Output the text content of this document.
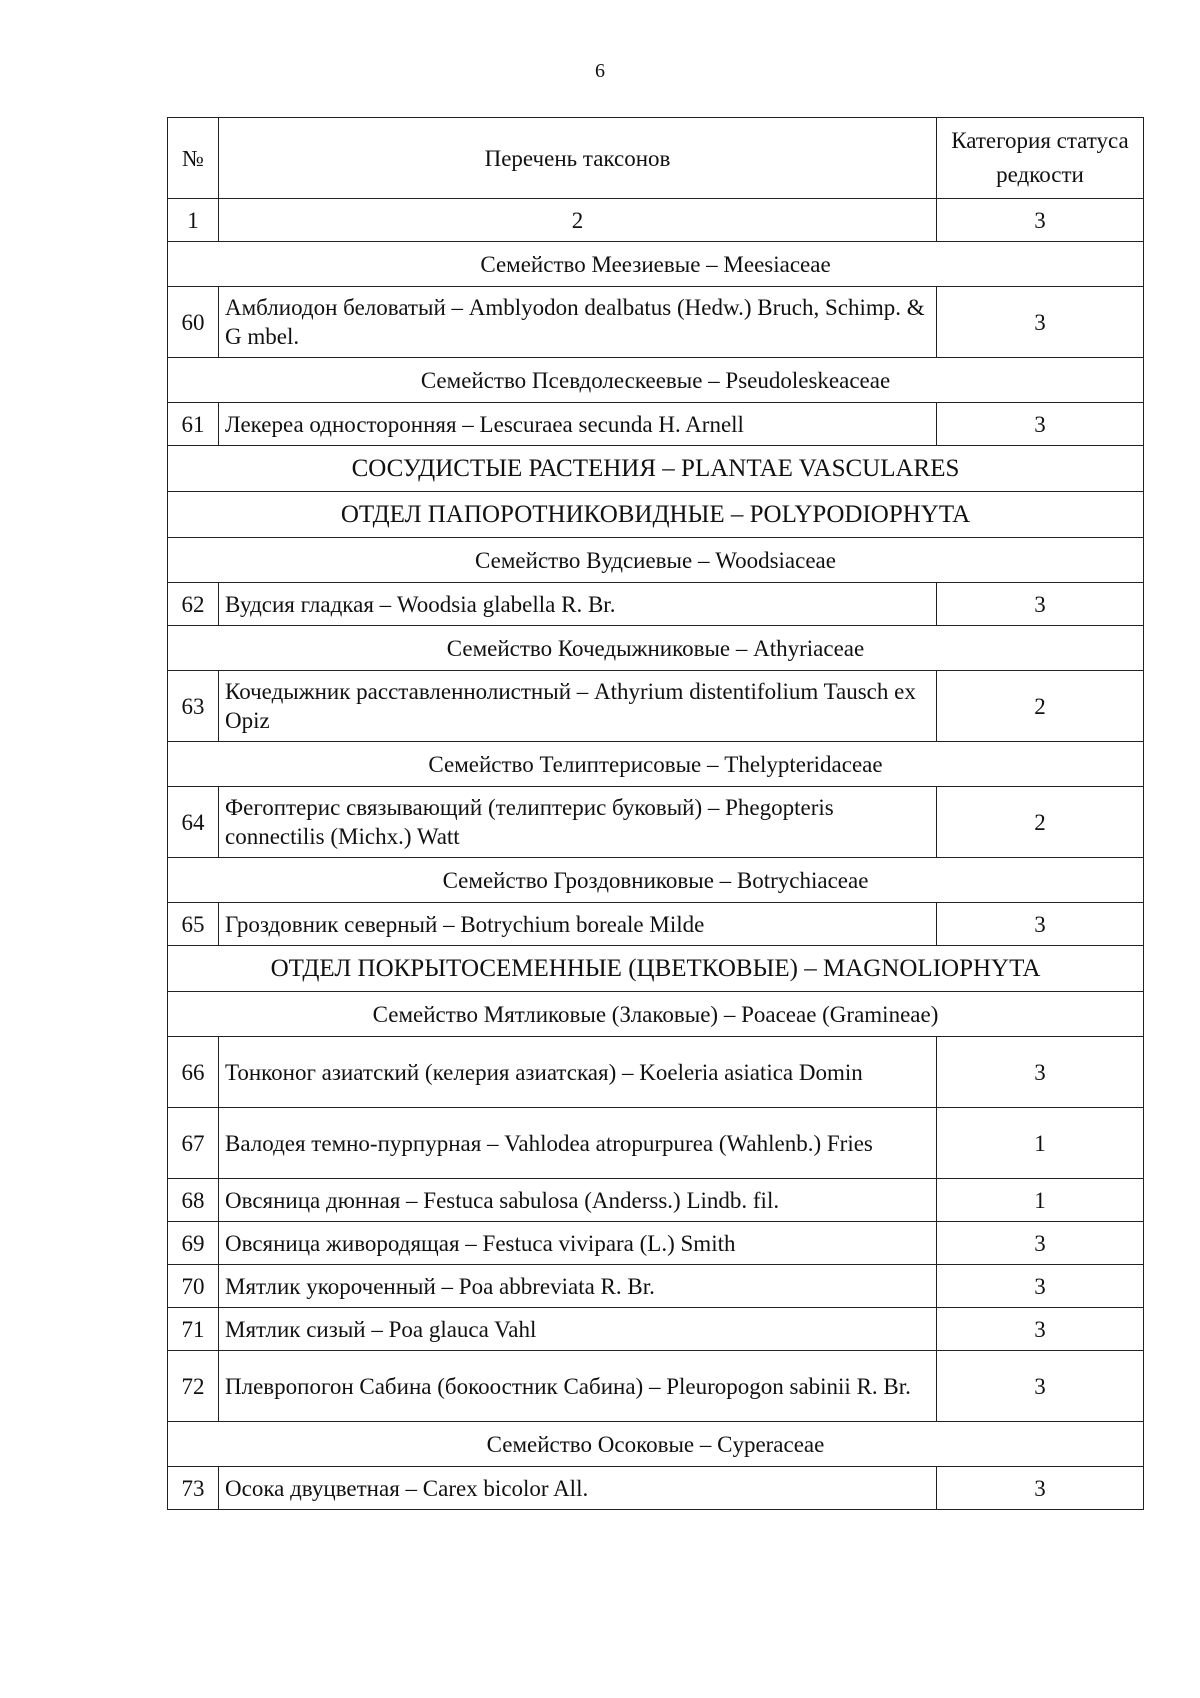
6
№	Перечень таксонов	Категория статуса редкости
1	2	3
Семейство Меезиевые – Meesiaceae		
60	Амблиодон беловатый – Amblyodon dealbatus (Hedw.) Bruch, Schimp. & G mbel.	3
Семейство Псевдолескеевые – Pseudoleskeaceae		
61	Лекереа односторонняя – Lescuraea secunda H. Arnell	3
СОСУДИСТЫЕ РАСТЕНИЯ – PLANTAE VASCULARES		
ОТДЕЛ ПАПОРОТНИКОВИДНЫЕ – POLYPODIOPHYTA		
Семейство Вудсиевые – Woodsiaceae		
62	Вудсия гладкая – Woodsia glabella R. Br.	3
Семейство Кочедыжниковые – Athyriaceae		
63	Кочедыжник расставленнолистный – Athyrium distentifolium Tausch ex Opiz	2
Семейство Телиптерисовые – Thelypteridaceae		
64	Фегоптерис связывающий (телиптерис буковый) – Phegopteris connectilis (Michx.) Watt	2
Семейство Гроздовниковые – Botrychiaceae		
65	Гроздовник северный – Botrychium boreale Milde	3
ОТДЕЛ ПОКРЫТОСЕМЕННЫЕ (ЦВЕТКОВЫЕ) – MAGNOLIOPHYTA		
Семейство Мятликовые (Злаковые) – Poaceae (Gramineae)		
66	Тонконог азиатский (келерия азиатская) – Koeleria asiatica Domin	3
67	Валодея темно-пурпурная – Vahlodea atropurpurea (Wahlenb.) Fries	1
68	Овсяница дюнная – Festuca sabulosa (Anderss.) Lindb. fil.	1
69	Овсяница живородящая – Festuca vivipara (L.) Smith	3
70	Мятлик укороченный – Poa abbreviata R. Br.	3
71	Мятлик сизый – Poa glauca Vahl	3
72	Плевропогон Сабина (бокоостник Сабина) – Pleuropogon sabinii R. Br.	3
Семейство Осоковые – Cyperaceae		
73	Осока двуцветная – Carex bicolor All.	3
